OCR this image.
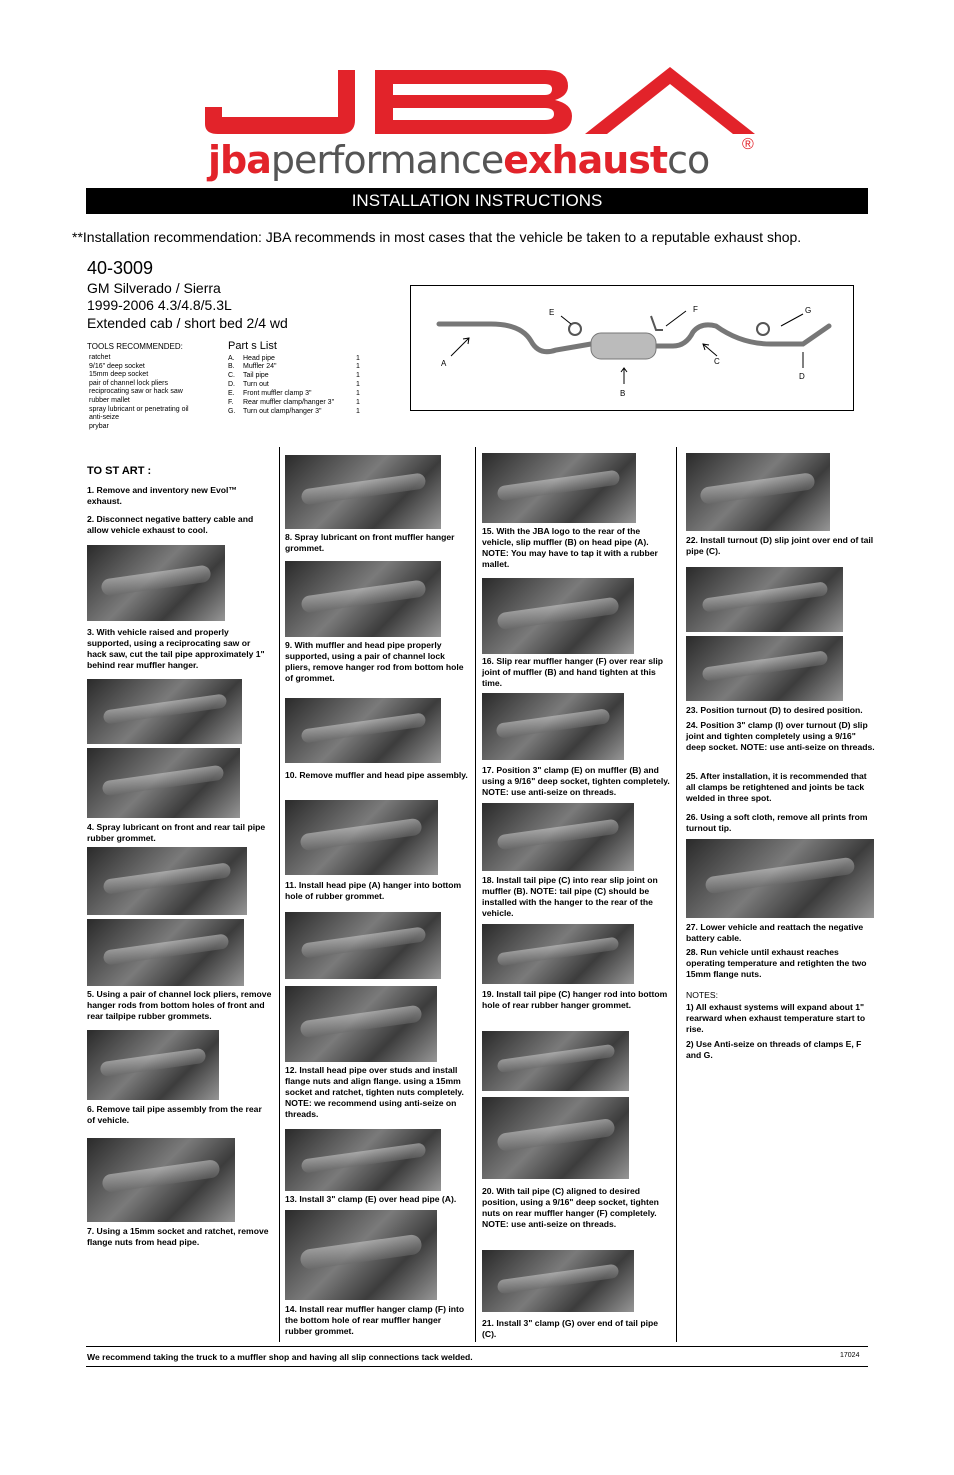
jbaperformanceexhaustco ®
INSTALLATION INSTRUCTIONS
**Installation recommendation: JBA recommends in most cases that the vehicle be taken to a reputable exhaust shop.
40-3009
GM Silverado / Sierra
1999-2006 4.3/4.8/5.3L
Extended cab / short bed 2/4 wd
TOOLS RECOMMENDED:
ratchet
9/16" deep socket
15mm deep socket
pair of channel lock pliers
reciprocating saw or hack saw
rubber mallet
spray lubricant or penetrating oil
anti-seize
prybar
Part s List
A. Head pipe	1
B. Muffler 24"	1
C. Tail pipe	1
D. Turn out	1
E. Front muffler clamp 3"	1
F. Rear muffler clamp/hanger 3"	1
G. Turn out clamp/hanger 3"	1
A
B
C
D
E	F	G
TO ST ART :
1. Remove and inventory new Evol™ exhaust.
2. Disconnect negative battery cable and allow vehicle exhaust to cool.
3. With vehicle raised and properly supported, using a reciprocating saw or hack saw, cut the tail pipe approximately 1" behind rear muffler hanger.
4. Spray lubricant on front and rear tail pipe rubber grommet.
5. Using a pair of channel lock pliers, remove hanger rods from bottom holes of front and rear tailpipe rubber grommets.
6. Remove tail pipe assembly from the rear of vehicle.
7. Using a 15mm socket and ratchet, remove flange nuts from head pipe.
8. Spray lubricant on front muffler hanger grommet.
9. With muffler and head pipe properly supported, using a pair of channel lock pliers, remove hanger rod from bottom hole of grommet.
10. Remove muffler and head pipe assembly.
11. Install head pipe (A) hanger into bottom hole of rubber grommet.
12. Install head pipe over studs and install flange nuts and align flange. using a 15mm socket and ratchet, tighten nuts completely. NOTE: we recommend using anti-seize on threads.
13. Install 3" clamp (E) over head pipe (A).
14. Install rear muffler hanger clamp (F) into the bottom hole of rear muffler hanger rubber grommet.
15. With the JBA logo to the rear of the vehicle, slip muffler (B) on head pipe (A). NOTE: You may have to tap it with a rubber mallet.
16. Slip rear muffler hanger (F) over rear slip joint of muffler (B) and hand tighten at this time.
17. Position 3" clamp (E) on muffler (B) and using a 9/16" deep socket, tighten completely. NOTE: use anti-seize on threads.
18. Install tail pipe (C) into rear slip joint on muffler (B). NOTE: tail pipe (C) should be installed with the hanger to the rear of the vehicle.
19. Install tail pipe (C) hanger rod into bottom hole of rear rubber hanger grommet.
20. With tail pipe (C) aligned to desired position, using a 9/16" deep socket, tighten nuts on rear muffler hanger (F) completely. NOTE: use anti-seize on threads.
21. Install 3" clamp (G) over end of tail pipe (C).
22. Install turnout (D) slip joint over end of tail pipe (C).
23. Position turnout (D) to desired position.
24. Position 3" clamp (I) over turnout (D) slip joint and tighten completely using a 9/16" deep socket. NOTE: use anti-seize on threads.
25. After installation, it is recommended that all clamps be retightened and joints be tack welded in three spot.
26. Using a soft cloth, remove all prints from turnout tip.
27. Lower vehicle and reattach the negative battery cable.
28. Run vehicle until exhaust reaches operating temperature and retighten the two 15mm flange nuts.
NOTES:
1) All exhaust systems will expand about 1" rearward when exhaust temperature start to rise.
2) Use Anti-seize on threads of clamps E, F and G.
We recommend taking the truck to a muffler shop and having all slip connections tack welded.	17024
